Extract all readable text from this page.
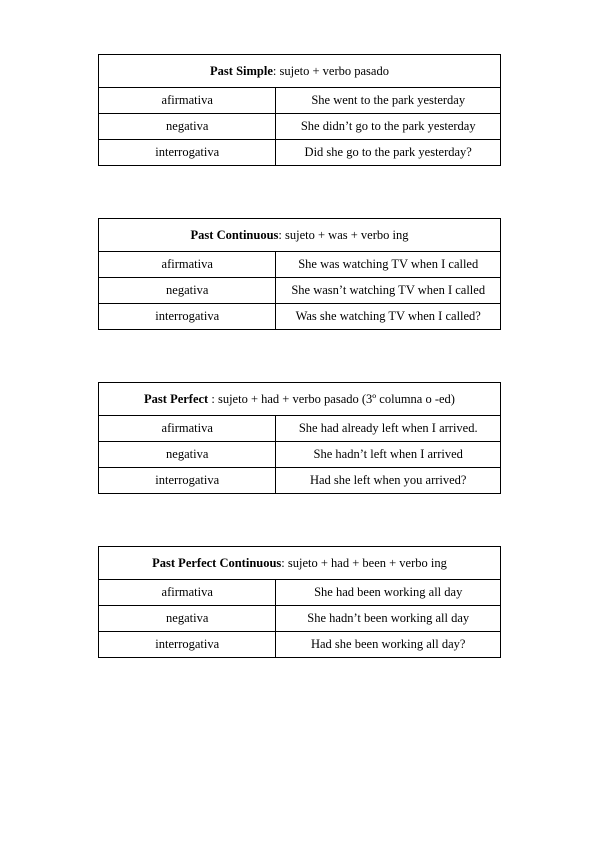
Past Simple: sujeto + verbo pasado	
afirmativa	She went to the park yesterday
negativa	She didn’t go to the park yesterday
interrogativa	Did she go to the park yesterday?
Past Continuous: sujeto + was + verbo ing	
afirmativa	She was watching TV when I called
negativa	She wasn’t watching TV when I called
interrogativa	Was she watching TV when I called?
Past Perfect : sujeto + had + verbo pasado (3º columna o -ed)	
afirmativa	She had already left when I arrived.
negativa	She hadn’t left when I arrived
interrogativa	Had she left when you arrived?
Past Perfect Continuous: sujeto + had + been + verbo ing	
afirmativa	She had been working all day
negativa	She hadn’t been working all day
interrogativa	Had she been working all day?
